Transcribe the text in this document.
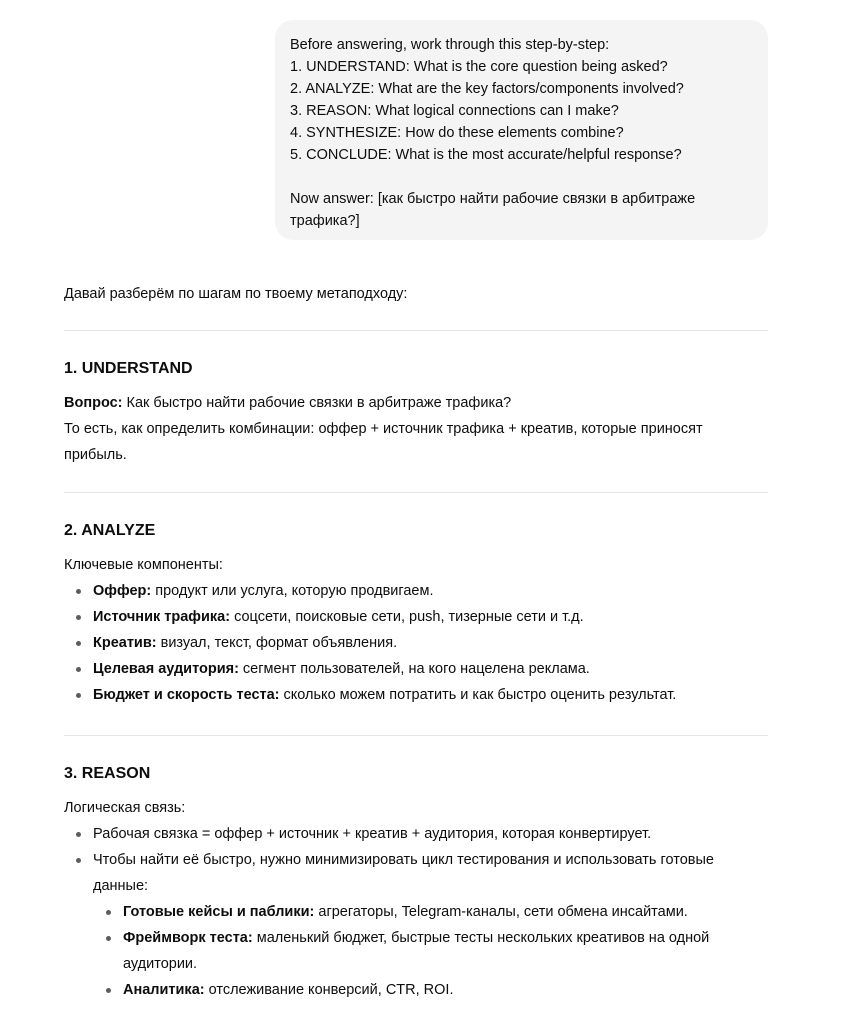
Before answering, work through this step-by-step:
1. UNDERSTAND: What is the core question being asked?
2. ANALYZE: What are the key factors/components involved?
3. REASON: What logical connections can I make?
4. SYNTHESIZE: How do these elements combine?
5. CONCLUDE: What is the most accurate/helpful response?
Now answer: [как быстро найти рабочие связки в арбитраже трафика?]
Давай разберём по шагам по твоему метаподходу:
1. UNDERSTAND

Вопрос: Как быстро найти рабочие связки в арбитраже трафика?

То есть, как определить комбинации: оффер + источник трафика + креатив, которые приносят прибыль.

2. ANALYZE

Ключевые компоненты:

Оффер: продукт или услуга, которую продвигаем.
Источник трафика: соцсети, поисковые сети, push, тизерные сети и т.д.
Креатив: визуал, текст, формат объявления.
Целевая аудитория: сегмент пользователей, на кого нацелена реклама.
Бюджет и скорость теста: сколько можем потратить и как быстро оценить результат.
3. REASON

Логическая связь:

Рабочая связка = оффер + источник + креатив + аудитория, которая конвертирует.
Чтобы найти её быстро, нужно минимизировать цикл тестирования и использовать готовые данные:
Готовые кейсы и паблики: агрегаторы, Telegram-каналы, сети обмена инсайтами.
Фреймворк теста: маленький бюджет, быстрые тесты нескольких креативов на одной аудитории.
Аналитика: отслеживание конверсий, CTR, ROI.
